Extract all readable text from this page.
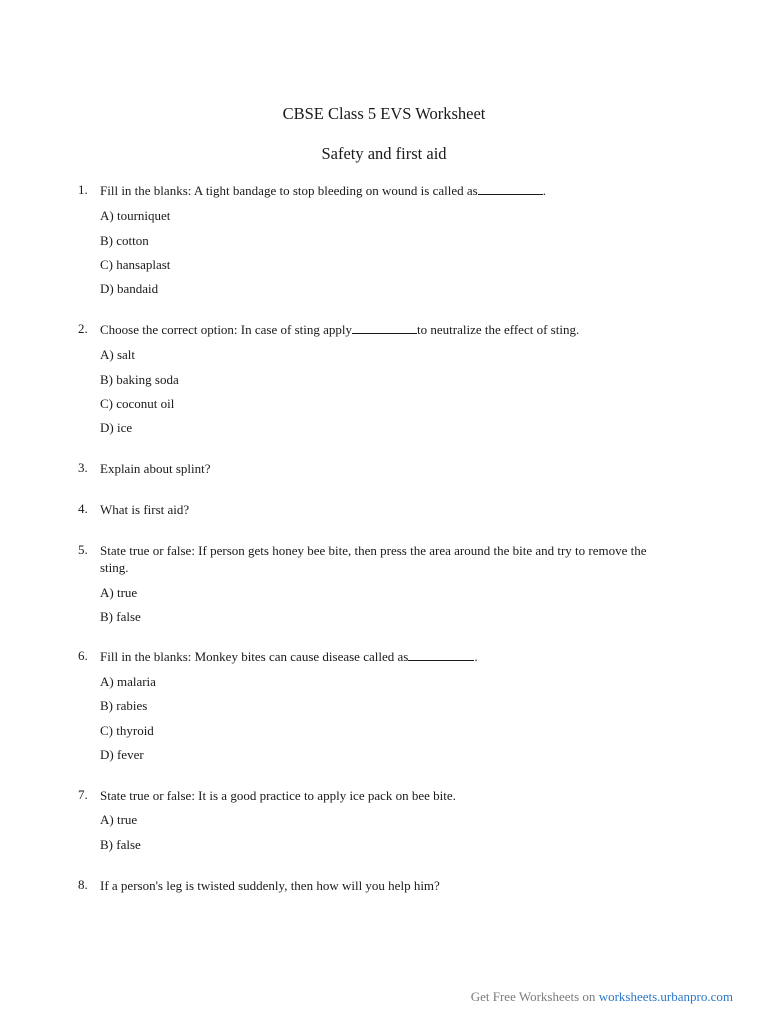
CBSE Class 5 EVS Worksheet
Safety and first aid
1. Fill in the blanks: A tight bandage to stop bleeding on wound is called as	.
A) tourniquet
B) cotton
C) hansaplast
D) bandaid
2. Choose the correct option: In case of sting apply	to neutralize the effect of sting.
A) salt
B) baking soda
C) coconut oil
D) ice
3. Explain about splint?
4. What is first aid?
5. State true or false: If person gets honey bee bite, then press the area around the bite and try to remove the sting.
A) true
B) false
6. Fill in the blanks: Monkey bites can cause disease called as	.
A) malaria
B) rabies
C) thyroid
D) fever
7. State true or false: It is a good practice to apply ice pack on bee bite.
A) true
B) false
8. If a person's leg is twisted suddenly, then how will you help him?
Get Free Worksheets on worksheets.urbanpro.com
